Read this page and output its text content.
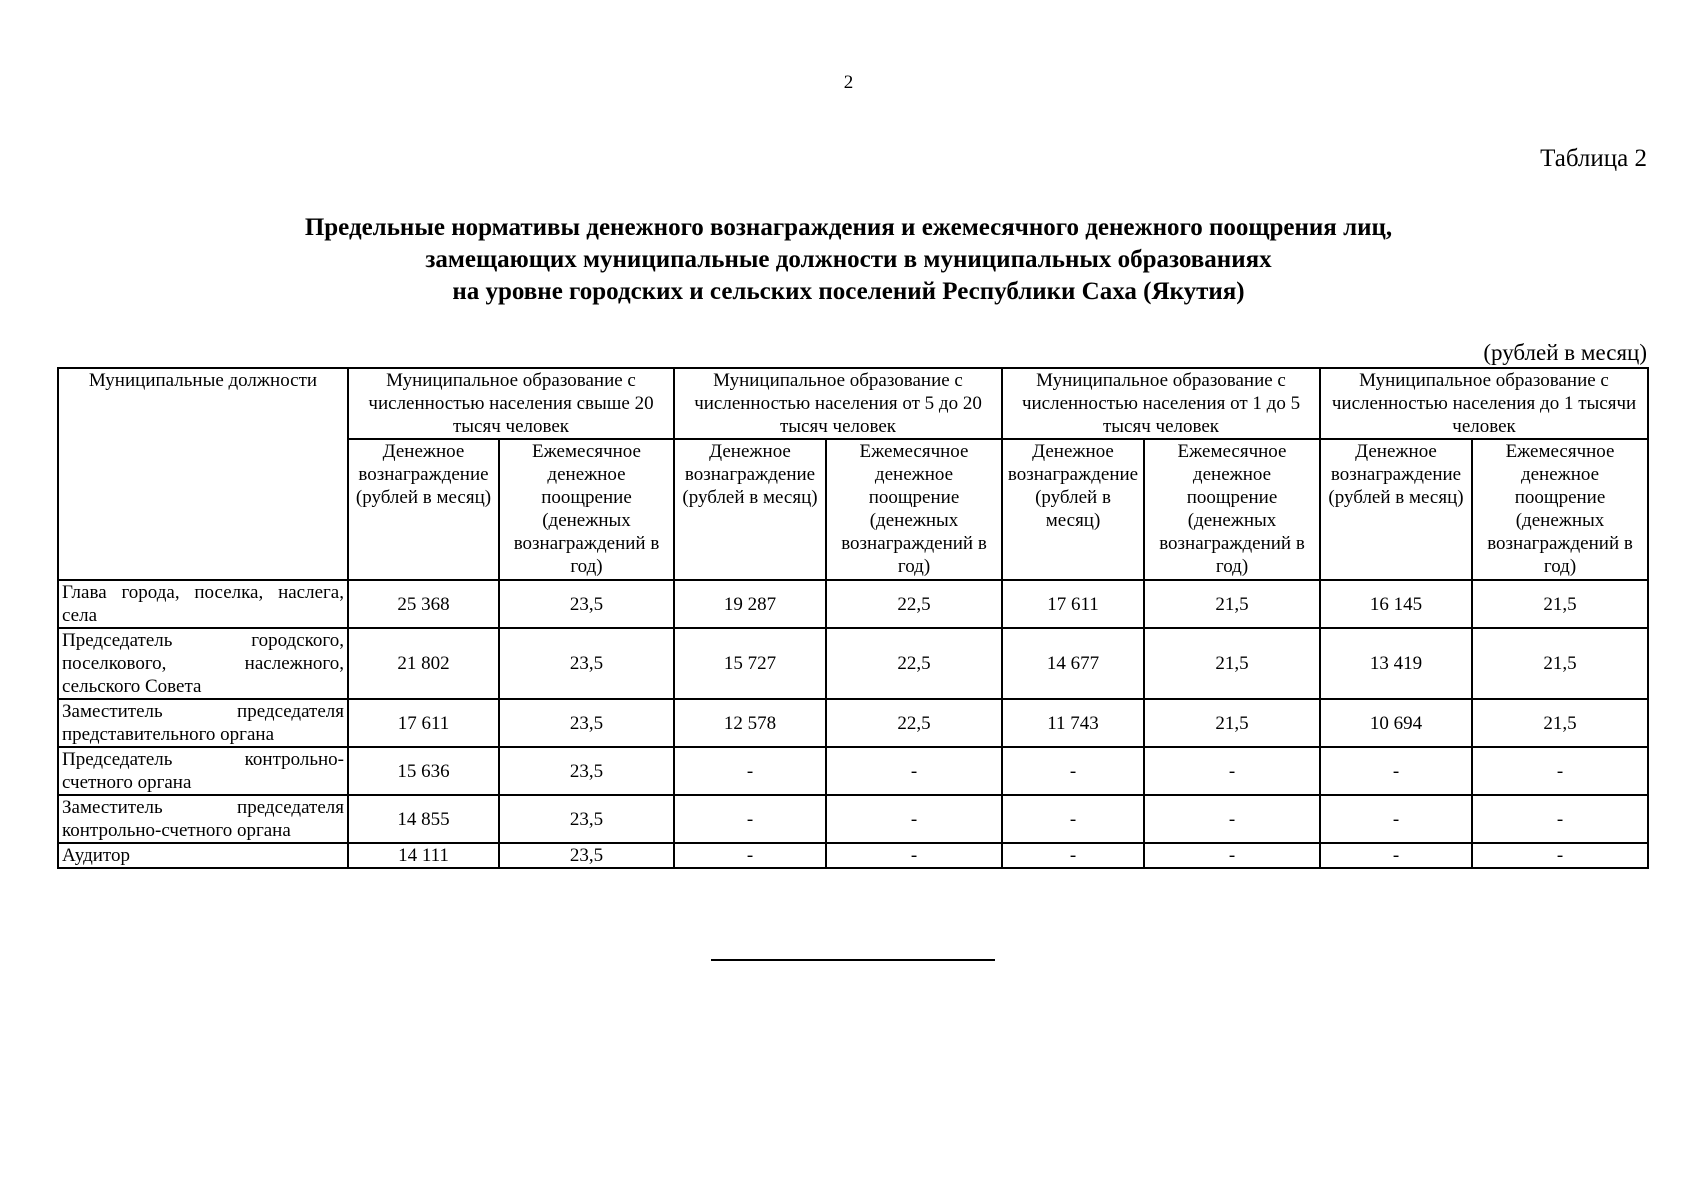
2
Таблица 2
Предельные нормативы денежного вознаграждения и ежемесячного денежного поощрения лиц,
замещающих муниципальные должности в муниципальных образованиях
на уровне городских и сельских поселений Республики Саха (Якутия)
(рублей в месяц)
Муниципальные должности	Муниципальное образование с численностью населения свыше 20 тысяч человек		Муниципальное образование с численностью населения от 5 до 20 тысяч человек		Муниципальное образование с численностью населения от 1 до 5 тысяч человек		Муниципальное образование с численностью населения до 1 тысячи человек	
	Денежное вознаграждение (рублей в месяц)	Ежемесячное денежное поощрение (денежных вознаграждений в год)	Денежное вознаграждение (рублей в месяц)	Ежемесячное денежное поощрение (денежных вознаграждений в год)	Денежное вознаграждение (рублей в месяц)	Ежемесячное денежное поощрение (денежных вознаграждений в год)	Денежное вознаграждение (рублей в месяц)	Ежемесячное денежное поощрение (денежных вознаграждений в год)
Глава города, поселка, наслега, села	25 368	23,5	19 287	22,5	17 611	21,5	16 145	21,5
Председатель городского, поселкового, наслежного, сельского Совета	21 802	23,5	15 727	22,5	14 677	21,5	13 419	21,5
Заместитель председателя представительного органа	17 611	23,5	12 578	22,5	11 743	21,5	10 694	21,5
Председатель контрольно-счетного органа	15 636	23,5	-	-	-	-	-	-
Заместитель председателя контрольно-счетного органа	14 855	23,5	-	-	-	-	-	-
Аудитор	14 111	23,5	-	-	-	-	-	-
